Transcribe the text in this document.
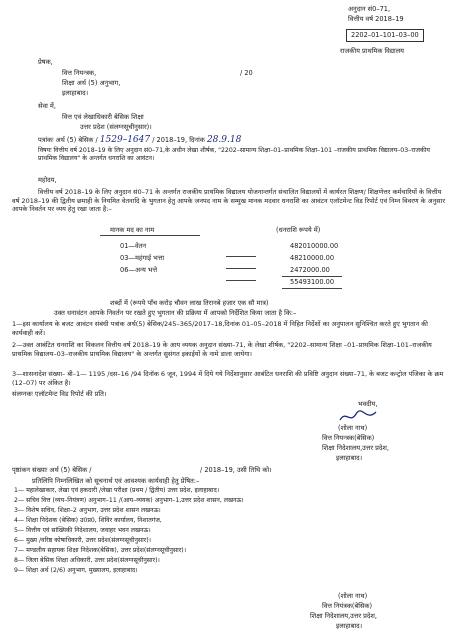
अनुदान सं0–71,
वित्तीय वर्ष 2018–19
2202–01–101–03–00
राजकीय प्राथमिक विद्यालय
प्रेषक,
वित्त नियन्त्रक,	/ 20
शिक्षा अर्थ (5) अनुभाग,
इलाहाबाद।
सेवा में,
वित्त एवं लेखाधिकारी बेसिक शिक्षा
उत्तर प्रदेश (संलग्नसूचीनुसार)।
पत्रांकः अर्थ (5) बेसिक / 1529–1647 / 2018–19, दिनांक 28.9.18
विषयः वित्तीय वर्ष 2018–19 के लिए अनुदान सं0–71,के अधीन लेखा शीर्षक, "2202–सामान्य शिक्षा–01–प्राथमिक शिक्षा–101 –राजकीय प्राथमिक विद्यालय–03–राजकीय प्राथमिक विद्यालय" के अन्तर्गत धनराशि का आवंटन।
महोदय,
वित्तीय वर्ष 2018–19 के लिए अनुदान सं0–71 के अन्तर्गत राजकीय प्राथमिक विद्यालय योजनान्तर्गत संचालित विद्यालयों में कार्यरत शिक्षण/ शिक्षणेत्तर कर्मचारियों के वित्तीय वर्ष 2018–19 की द्वितीय छमाही के नियमित वेतनादि के भुगतान हेतु आपके जनपद नाम के सम्मुख मानक मदवार धनराशि का आवंटन एलॉटमेन्ट विड रिपोर्ट एवं निम्न विवरण के अनुसार आपके निवर्तन पर व्यय हेतु रखा जाता है:–
मानक मद का नाम	(धनराशि रूपये में)
01—वेतन	482010000.00
03—महंगाई भत्ता	48210000.00
06—अन्य भत्ते	2472000.00
55493100.00
शब्दों में (रूपये पाँच करोड़ चौवन लाख तिरानबे हजार एक सौ मात्र)
उक्त धनावंटन आपके निवर्तन पर रखते हुए भुगतान की प्रक्रिया में आपको निर्देशित किया जाता है कि:–
1—इस कार्यालय के बजट आवंटन संबंधी पत्रांक अर्थ(5) बेसिक/245–365/2017–18,दिनांक 01–05–2018 में निहित निर्देशों का अनुपालन सुनिश्चित करते हुए भुगतान की कार्यवाही करें।
2—उक्त आबंटित धनराशि का विकलन वित्तीय वर्ष 2018–19 के आय व्ययक अनुदान संख्या–71, के लेखा शीर्षक, "2202–सामान्य शिक्षा –01–प्राथमिक शिक्षा–101–राजकीय प्राथमिक विद्यालय–03–राजकीय प्राथमिक विद्यालय" के अन्तर्गत सुसंगत इकाईयों के नामे डाला जायेगा।
3—शासनादेश संख्या– बी–1— 1195 /दस–16 /94 दिनॉक 6 जून, 1994 में दिये गये निर्देशानुसार आबंटित धनराशि की प्रविष्टि अनुदान संख्या–71, के बजट कन्ट्रोल पंजिका के क्रम (12–07) पर अंकित है।
संलग्नकः एलॉटमेन्ट विड रिपोर्ट की प्रति।
भवदीय,
(शोला नाथ)
वित्त नियन्त्रक(बेसिक)
शिक्षा निदेशालय,उत्तर प्रदेश,
इलाहाबाद।
पृष्ठांकन संख्याः अर्थ (5) बेसिक /	/ 2018–19, उसी तिथि को।
प्रतिलिपि निम्नलिखित को सूचनार्थ एवं आवश्यक कार्यवाही हेतु प्रेषित:–
1— महालेखाकार, लेखा एवं हकदारी /लेखा परीक्षा (प्रथम / द्वितीय) उत्तर प्रदेश, इलाहाबाद।
2— सचिव वित्त (व्यय–नियंत्रण) अनुभाग–11 /(आय–व्ययक) अनुभाग–1,उत्तर प्रदेश शासन, लखनऊ।
3— विशेष सचिव, शिक्षा–2 अनुभाग, उत्तर प्रदेश शासन लखनऊ।
4— शिक्षा निदेशक (बेसिक) उ0प्र0, शिविर कार्यालय, निशातगंज,
5— वित्तीय एवं सांख्यिकी निदेशालय, जवाहर भवन लखनऊ।
6— मुख्य /वरिष्ठ कोषाधिकारी, उत्तर प्रदेश(संलग्नसूचीनुसार)।
7— मण्डलीय सहायक शिक्षा निदेशक(बेसिक), उत्तर प्रदेश(संलग्नसूचीनुसार)।
8— जिला बेसिक शिक्षा अधिकारी, उत्तर प्रदेश(संलग्नसूचीनुसार)।
9— शिक्षा अर्थ (2/6) अनुभाग, मुख्यालय, इलाहाबाद।
(शोला नाथ)
वित्त नियंत्रक(बेसिक)
शिक्षा निदेशालय,उत्तर प्रदेश,
इलाहाबाद।
